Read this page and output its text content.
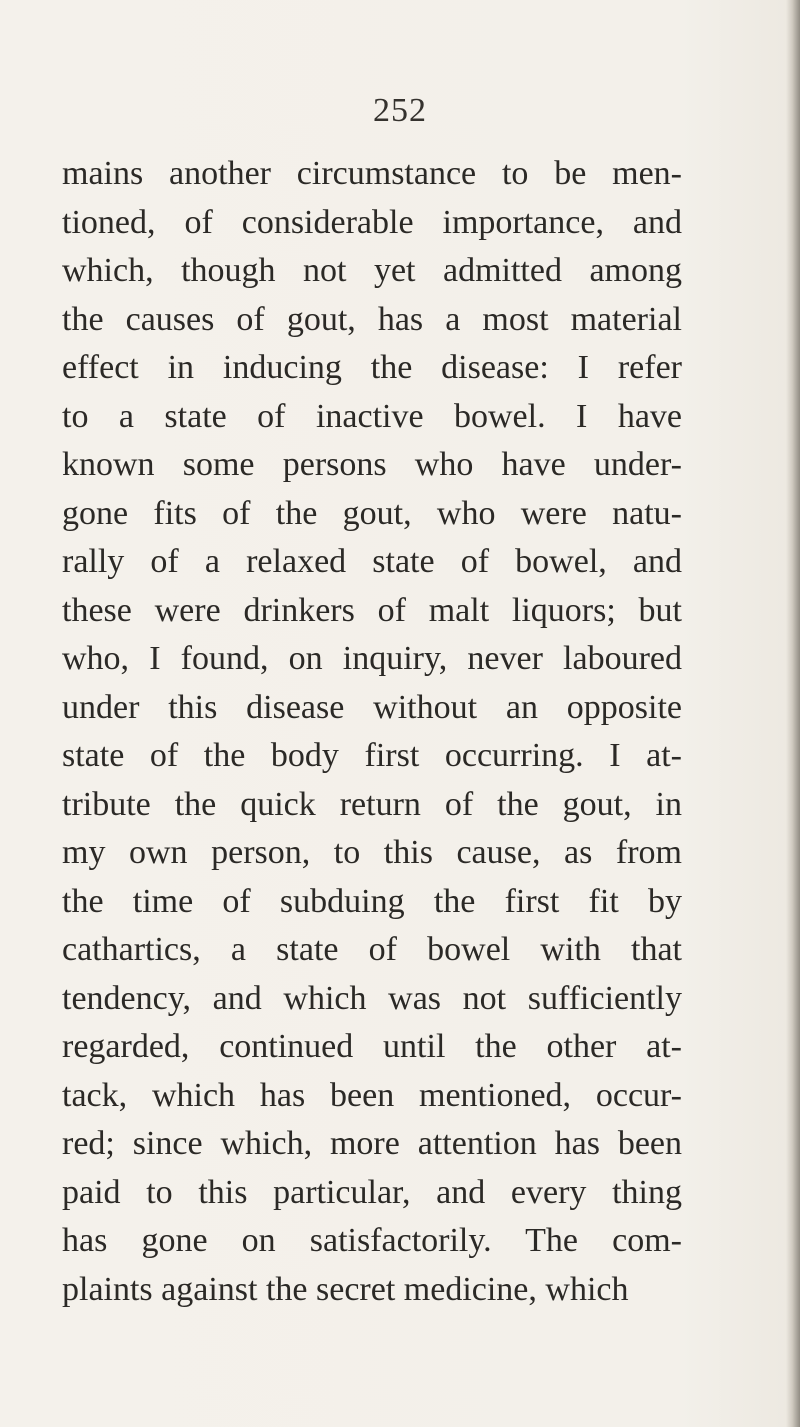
252
mains another circumstance to be men-
tioned, of considerable importance, and
which, though not yet admitted among
the causes of gout, has a most material
effect in inducing the disease: I refer
to a state of inactive bowel. I have
known some persons who have under-
gone fits of the gout, who were natu-
rally of a relaxed state of bowel, and
these were drinkers of malt liquors; but
who, I found, on inquiry, never laboured
under this disease without an opposite
state of the body first occurring. I at-
tribute the quick return of the gout, in
my own person, to this cause, as from
the time of subduing the first fit by
cathartics, a state of bowel with that
tendency, and which was not sufficiently
regarded, continued until the other at-
tack, which has been mentioned, occur-
red; since which, more attention has been
paid to this particular, and every thing
has gone on satisfactorily. The com-
plaints against the secret medicine, which
